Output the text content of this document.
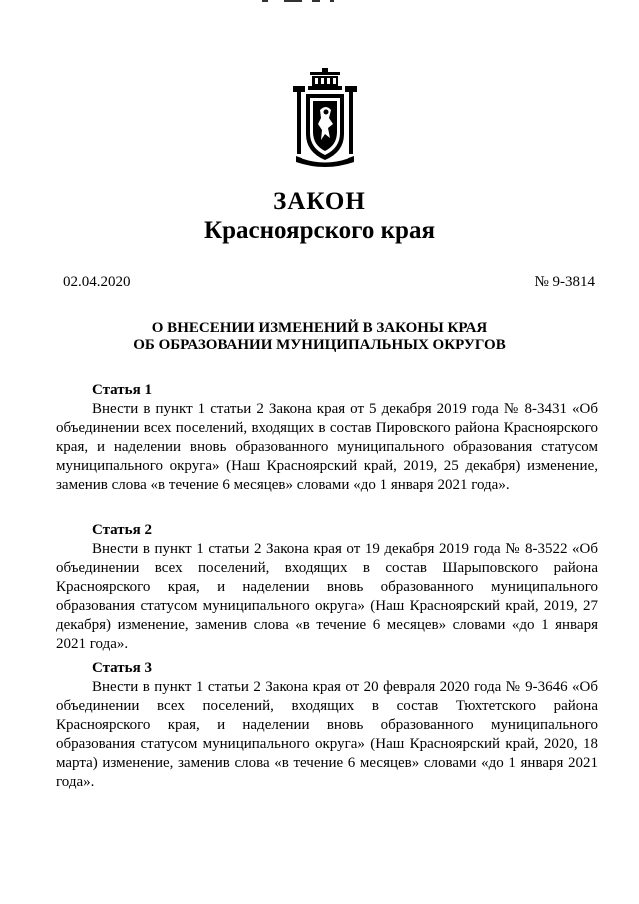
ЗАКОН
Красноярского края
02.04.2020	№ 9-3814
О ВНЕСЕНИИ ИЗМЕНЕНИЙ В ЗАКОНЫ КРАЯ
ОБ ОБРАЗОВАНИИ МУНИЦИПАЛЬНЫХ ОКРУГОВ
Статья 1
Внести в пункт 1 статьи 2 Закона края от 5 декабря 2019 года № 8-3431 «Об объединении всех поселений, входящих в состав Пировского района Красноярского края, и наделении вновь образованного муниципального образования статусом муниципального округа» (Наш Красноярский край, 2019, 25 декабря) изменение, заменив слова «в течение 6 месяцев» словами «до 1 января 2021 года».
Статья 2
Внести в пункт 1 статьи 2 Закона края от 19 декабря 2019 года № 8-3522 «Об объединении всех поселений, входящих в состав Шарыповского района Красноярского края, и наделении вновь образованного муниципального образования статусом муниципального округа» (Наш Красноярский край, 2019, 27 декабря) изменение, заменив слова «в течение 6 месяцев» словами «до 1 января 2021 года».
Статья 3
Внести в пункт 1 статьи 2 Закона края от 20 февраля 2020 года № 9-3646 «Об объединении всех поселений, входящих в состав Тюхтетского района Красноярского края, и наделении вновь образованного муниципального образования статусом муниципального округа» (Наш Красноярский край, 2020, 18 марта) изменение, заменив слова «в течение 6 месяцев» словами «до 1 января 2021 года».
